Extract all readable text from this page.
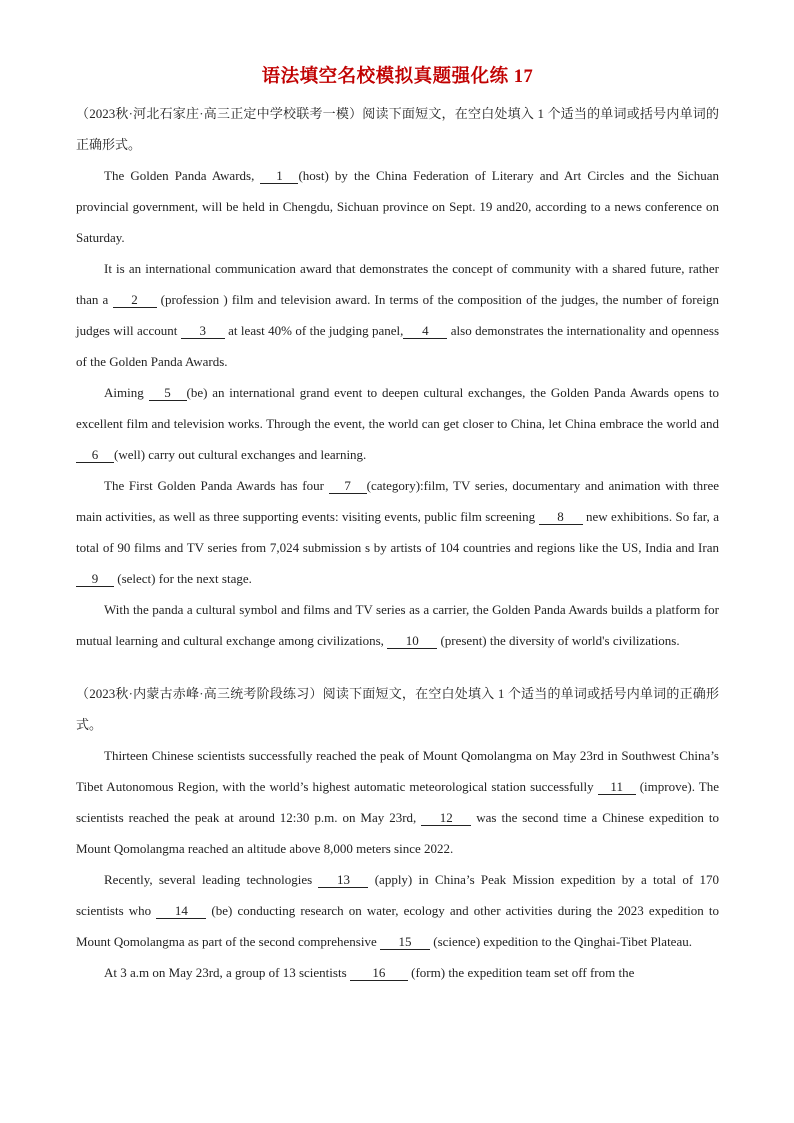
语法填空名校模拟真题强化练 17

（2023秋·河北石家庄·高三正定中学校联考一模）阅读下面短文，在空白处填入 1 个适当的单词或括号内单词的正确形式。

The Golden Panda Awards, 1 (host) by the China Federation of Literary and Art Circles and the Sichuan provincial government, will be held in Chengdu, Sichuan province on Sept. 19 and20, according to a news conference on Saturday.

It is an international communication award that demonstrates the concept of community with a shared future, rather than a 2 (profession ) film and television award. In terms of the composition of the judges, the number of foreign judges will account 3 at least 40% of the judging panel, 4 also demonstrates the internationality and openness of the Golden Panda Awards.

Aiming 5 (be) an international grand event to deepen cultural exchanges, the Golden Panda Awards opens to excellent film and television works. Through the event, the world can get closer to China, let China embrace the world and6 (well) carry out cultural exchanges and learning.

The First Golden Panda Awards has four 7 (category):film, TV series, documentary and animation with three main activities, as well as three supporting events: visiting events, public film screening 8 new exhibitions. So far, a total of 90 films and TV series from 7,024 submission s by artists of 104 countries and regions like the US, India and Iran 9 (select) for the next stage.

With the panda a cultural symbol and films and TV series as a carrier, the Golden Panda Awards builds a platform for mutual learning and cultural exchange among civilizations, 10 (present) the diversity of world's civilizations.

（2023秋·内蒙古赤峰·高三统考阶段练习）阅读下面短文，在空白处填入 1 个适当的单词或括号内单词的正确形式。

Thirteen Chinese scientists successfully reached the peak of Mount Qomolangma on May 23rd in Southwest China’s Tibet Autonomous Region, with the world’s highest automatic meteorological station successfully 11 (improve). The scientists reached the peak at around 12:30 p.m. on May 23rd, 12 was the second time a Chinese expedition to Mount Qomolangma reached an altitude above 8,000 meters since 2022.

Recently, several leading technologies 13 (apply) in China’s Peak Mission expedition by a total of 170 scientists who 14 (be) conducting research on water, ecology and other activities during the 2023 expedition to Mount Qomolangma as part of the second comprehensive 15 (science) expedition to the Qinghai-Tibet Plateau.

At 3 a.m on May 23rd, a group of 13 scientists 16 (form) the expedition team set off from the
